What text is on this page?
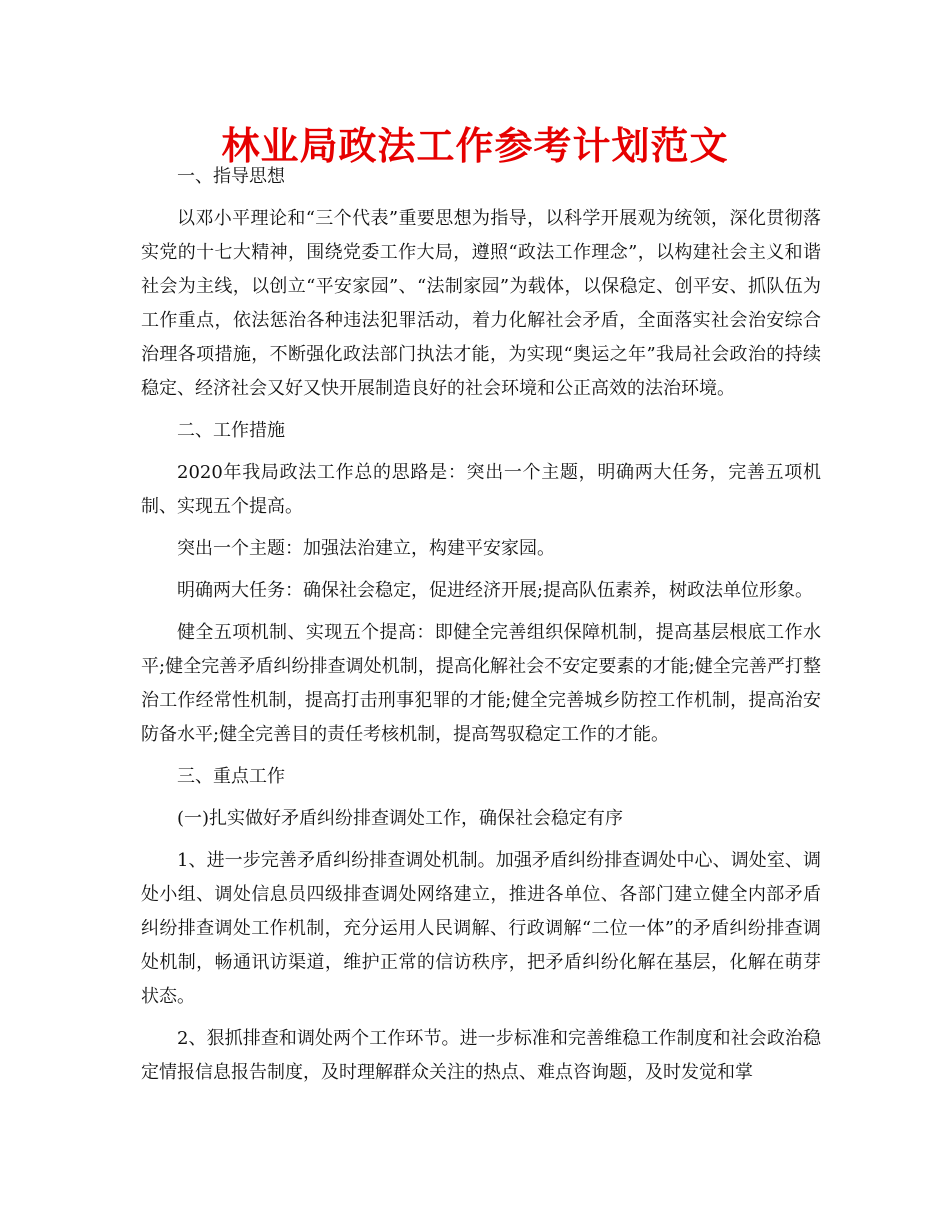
林业局政法工作参考计划范文

一、指导思想

以邓小平理论和“三个代表”重要思想为指导，以科学开展观为统领，深化贯彻落实党的十七大精神，围绕党委工作大局，遵照“政法工作理念”，以构建社会主义和谐社会为主线，以创立“平安家园”、“法制家园”为载体，以保稳定、创平安、抓队伍为工作重点，依法惩治各种违法犯罪活动，着力化解社会矛盾，全面落实社会治安综合治理各项措施，不断强化政法部门执法才能，为实现“奥运之年”我局社会政治的持续稳定、经济社会又好又快开展制造良好的社会环境和公正高效的法治环境。

二、工作措施

2020年我局政法工作总的思路是：突出一个主题，明确两大任务，完善五项机制、实现五个提高。

突出一个主题：加强法治建立，构建平安家园。

明确两大任务：确保社会稳定，促进经济开展;提高队伍素养，树政法单位形象。

健全五项机制、实现五个提高：即健全完善组织保障机制，提高基层根底工作水平;健全完善矛盾纠纷排查调处机制，提高化解社会不安定要素的才能;健全完善严打整治工作经常性机制，提高打击刑事犯罪的才能;健全完善城乡防控工作机制，提高治安防备水平;健全完善目的责任考核机制，提高驾驭稳定工作的才能。

三、重点工作

(一)扎实做好矛盾纠纷排查调处工作，确保社会稳定有序

1、进一步完善矛盾纠纷排查调处机制。加强矛盾纠纷排查调处中心、调处室、调处小组、调处信息员四级排查调处网络建立，推进各单位、各部门建立健全内部矛盾纠纷排查调处工作机制，充分运用人民调解、行政调解“二位一体”的矛盾纠纷排查调处机制，畅通讯访渠道，维护正常的信访秩序，把矛盾纠纷化解在基层，化解在萌芽状态。

2、狠抓排查和调处两个工作环节。进一步标准和完善维稳工作制度和社会政治稳定情报信息报告制度，及时理解群众关注的热点、难点咨询题，及时发觉和掌
